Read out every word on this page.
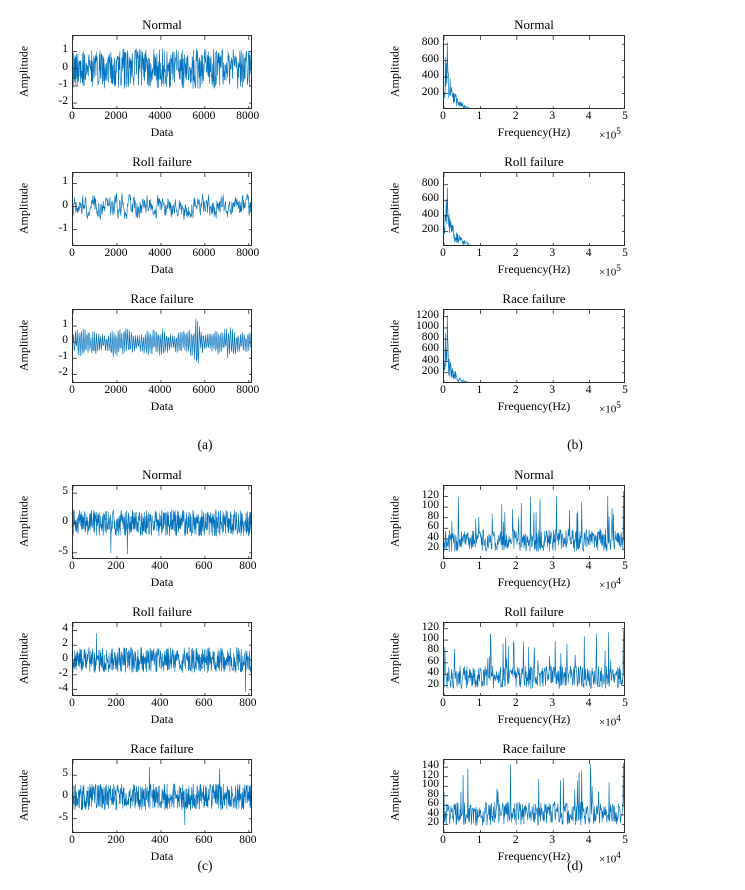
Normal
0	2000	4000	6000	8000
-2
-1
0
1
Data
Amplitude
Roll failure
0	2000	4000	6000	8000
-1
0
1
Data
Amplitude
Race failure
0	2000	4000	6000	8000
-2
-1
0
1
Data
Amplitude
Normal
0	1	2	3	4	5
200
400
600
800
Frequency(Hz)	$\times 10^5$
Amplitude
Roll failure
0	1	2	3	4	5
200
400
600
800
Frequency(Hz)	$\times 10^5$
Amplitude
Race failure
0	1	2	3	4	5
200
400
600
800
1000
1200
Frequency(Hz)	$\times 10^5$
Amplitude
Normal
0	200	400	600	800
-5
0
5
Data
Amplitude
Roll failure
0	200	400	600	800
-4
-2
0
2
4
Data
Amplitude
Race failure
0	200	400	600	800
-5
0
5
Data
Amplitude
Normal
0	1	2	3	4	5
20
40
60
80
100
120
Frequency(Hz)	$\times 10^4$
Amplitude
Roll failure
0	1	2	3	4	5
20
40
60
80
100
120
Frequency(Hz)	$\times 10^4$
Amplitude
Race failure
0	1	2	3	4	5
20
40
60
80
100
120
140
Frequency(Hz)	$\times 10^4$
Amplitude
(a)	(b)
(c)	(d)
